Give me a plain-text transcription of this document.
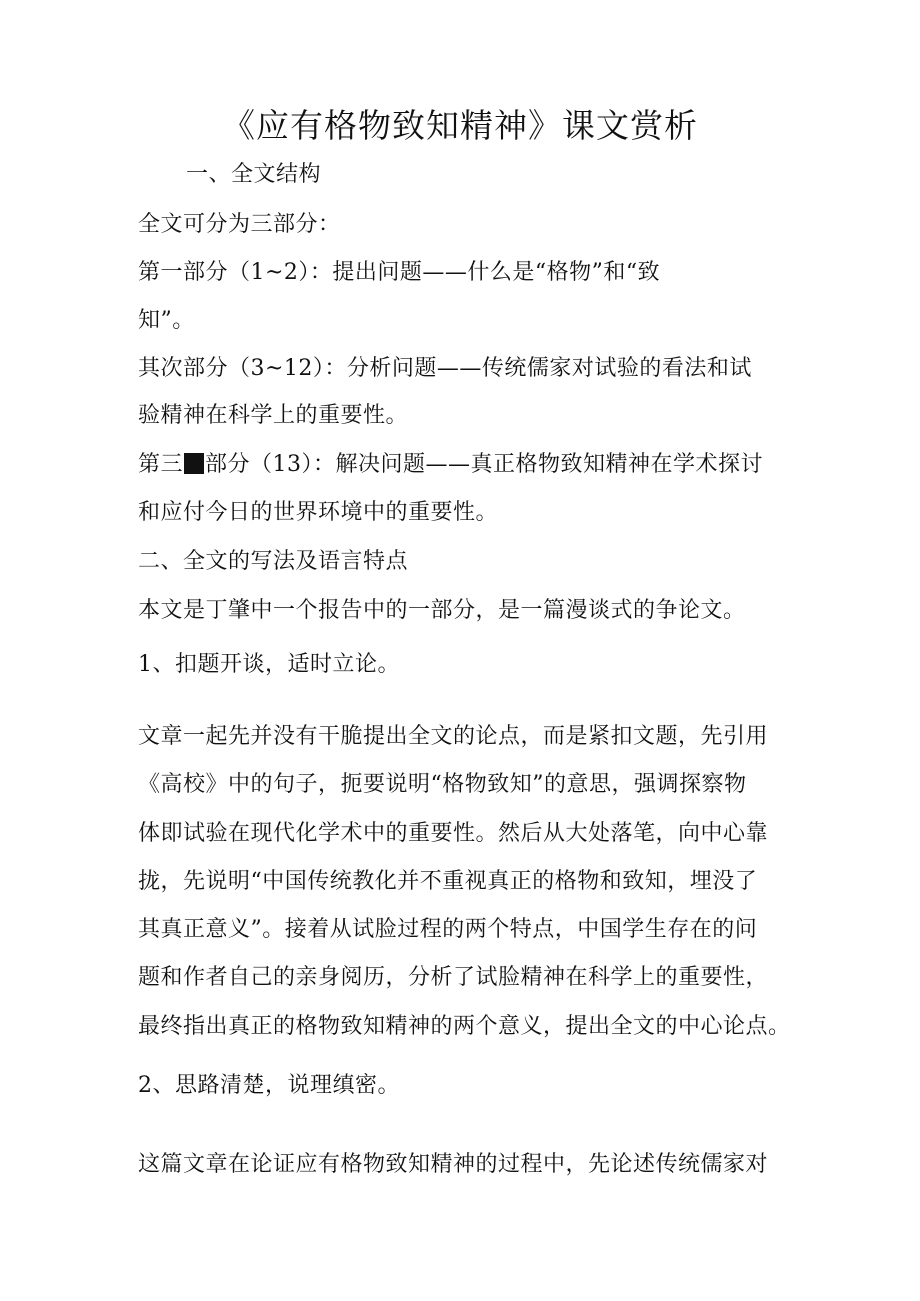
《应有格物致知精神》课文赏析
一、全文结构
全文可分为三部分：
第一部分（1~2）：提出问题——什么是“格物”和“致
知”。
其次部分（3~12）：分析问题——传统儒家对试验的看法和试
验精神在科学上的重要性。
第三 部分（13）：解决问题——真正格物致知精神在学术探讨
和应付今日的世界环境中的重要性。
二、全文的写法及语言特点
本文是丁肇中一个报告中的一部分，是一篇漫谈式的争论文。
1、扣题开谈，适时立论。
文章一起先并没有干脆提出全文的论点，而是紧扣文题，先引用
《高校》中的句子，扼要说明“格物致知”的意思，强调探察物
体即试验在现代化学术中的重要性。然后从大处落笔，向中心靠
拢，先说明“中国传统教化并不重视真正的格物和致知，埋没了
其真正意义”。接着从试脸过程的两个特点，中国学生存在的问
题和作者自己的亲身阅历，分析了试脸精神在科学上的重要性，
最终指出真正的格物致知精神的两个意义，提出全文的中心论点。
2、思路清楚，说理缜密。
这篇文章在论证应有格物致知精神的过程中，先论述传统儒家对
